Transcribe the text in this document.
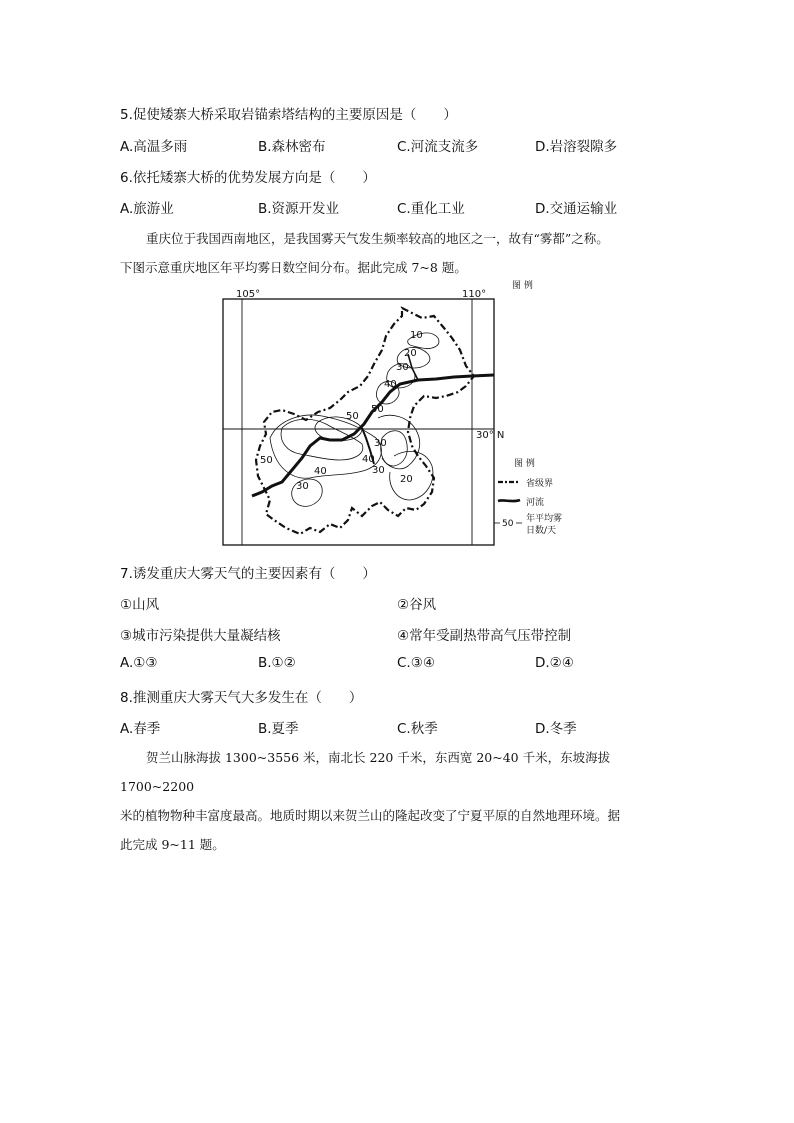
5.促使矮寨大桥采取岩锚索塔结构的主要原因是（　　）
A.高温多雨	B.森林密布	C.河流支流多	D.岩溶裂隙多
6.依托矮寨大桥的优势发展方向是（　　）
A.旅游业	B.资源开发业	C.重化工业	D.交通运输业
重庆位于我国西南地区，是我国雾天气发生频率较高的地区之一，故有“雾都”之称。
下图示意重庆地区年平均雾日数空间分布。据此完成 7~8 题。
105°	110°
30° N
10
20
30
40
50
50
50
30
40
40	30
30
20
图 例
图 例
省级界
河流
50 年平均雾
日数/天
7.诱发重庆大雾天气的主要因素有（　　）
①山风	②谷风
③城市污染提供大量凝结核	④常年受副热带高气压带控制
A.①③	B.①②	C.③④	D.②④
8.推测重庆大雾天气大多发生在（　　）
A.春季	B.夏季	C.秋季	D.冬季
贺兰山脉海拔 1300~3556 米，南北长 220 千米，东西宽 20~40 千米，东坡海拔 1700~2200
米的植物物种丰富度最高。地质时期以来贺兰山的隆起改变了宁夏平原的自然地理环境。据
此完成 9~11 题。
